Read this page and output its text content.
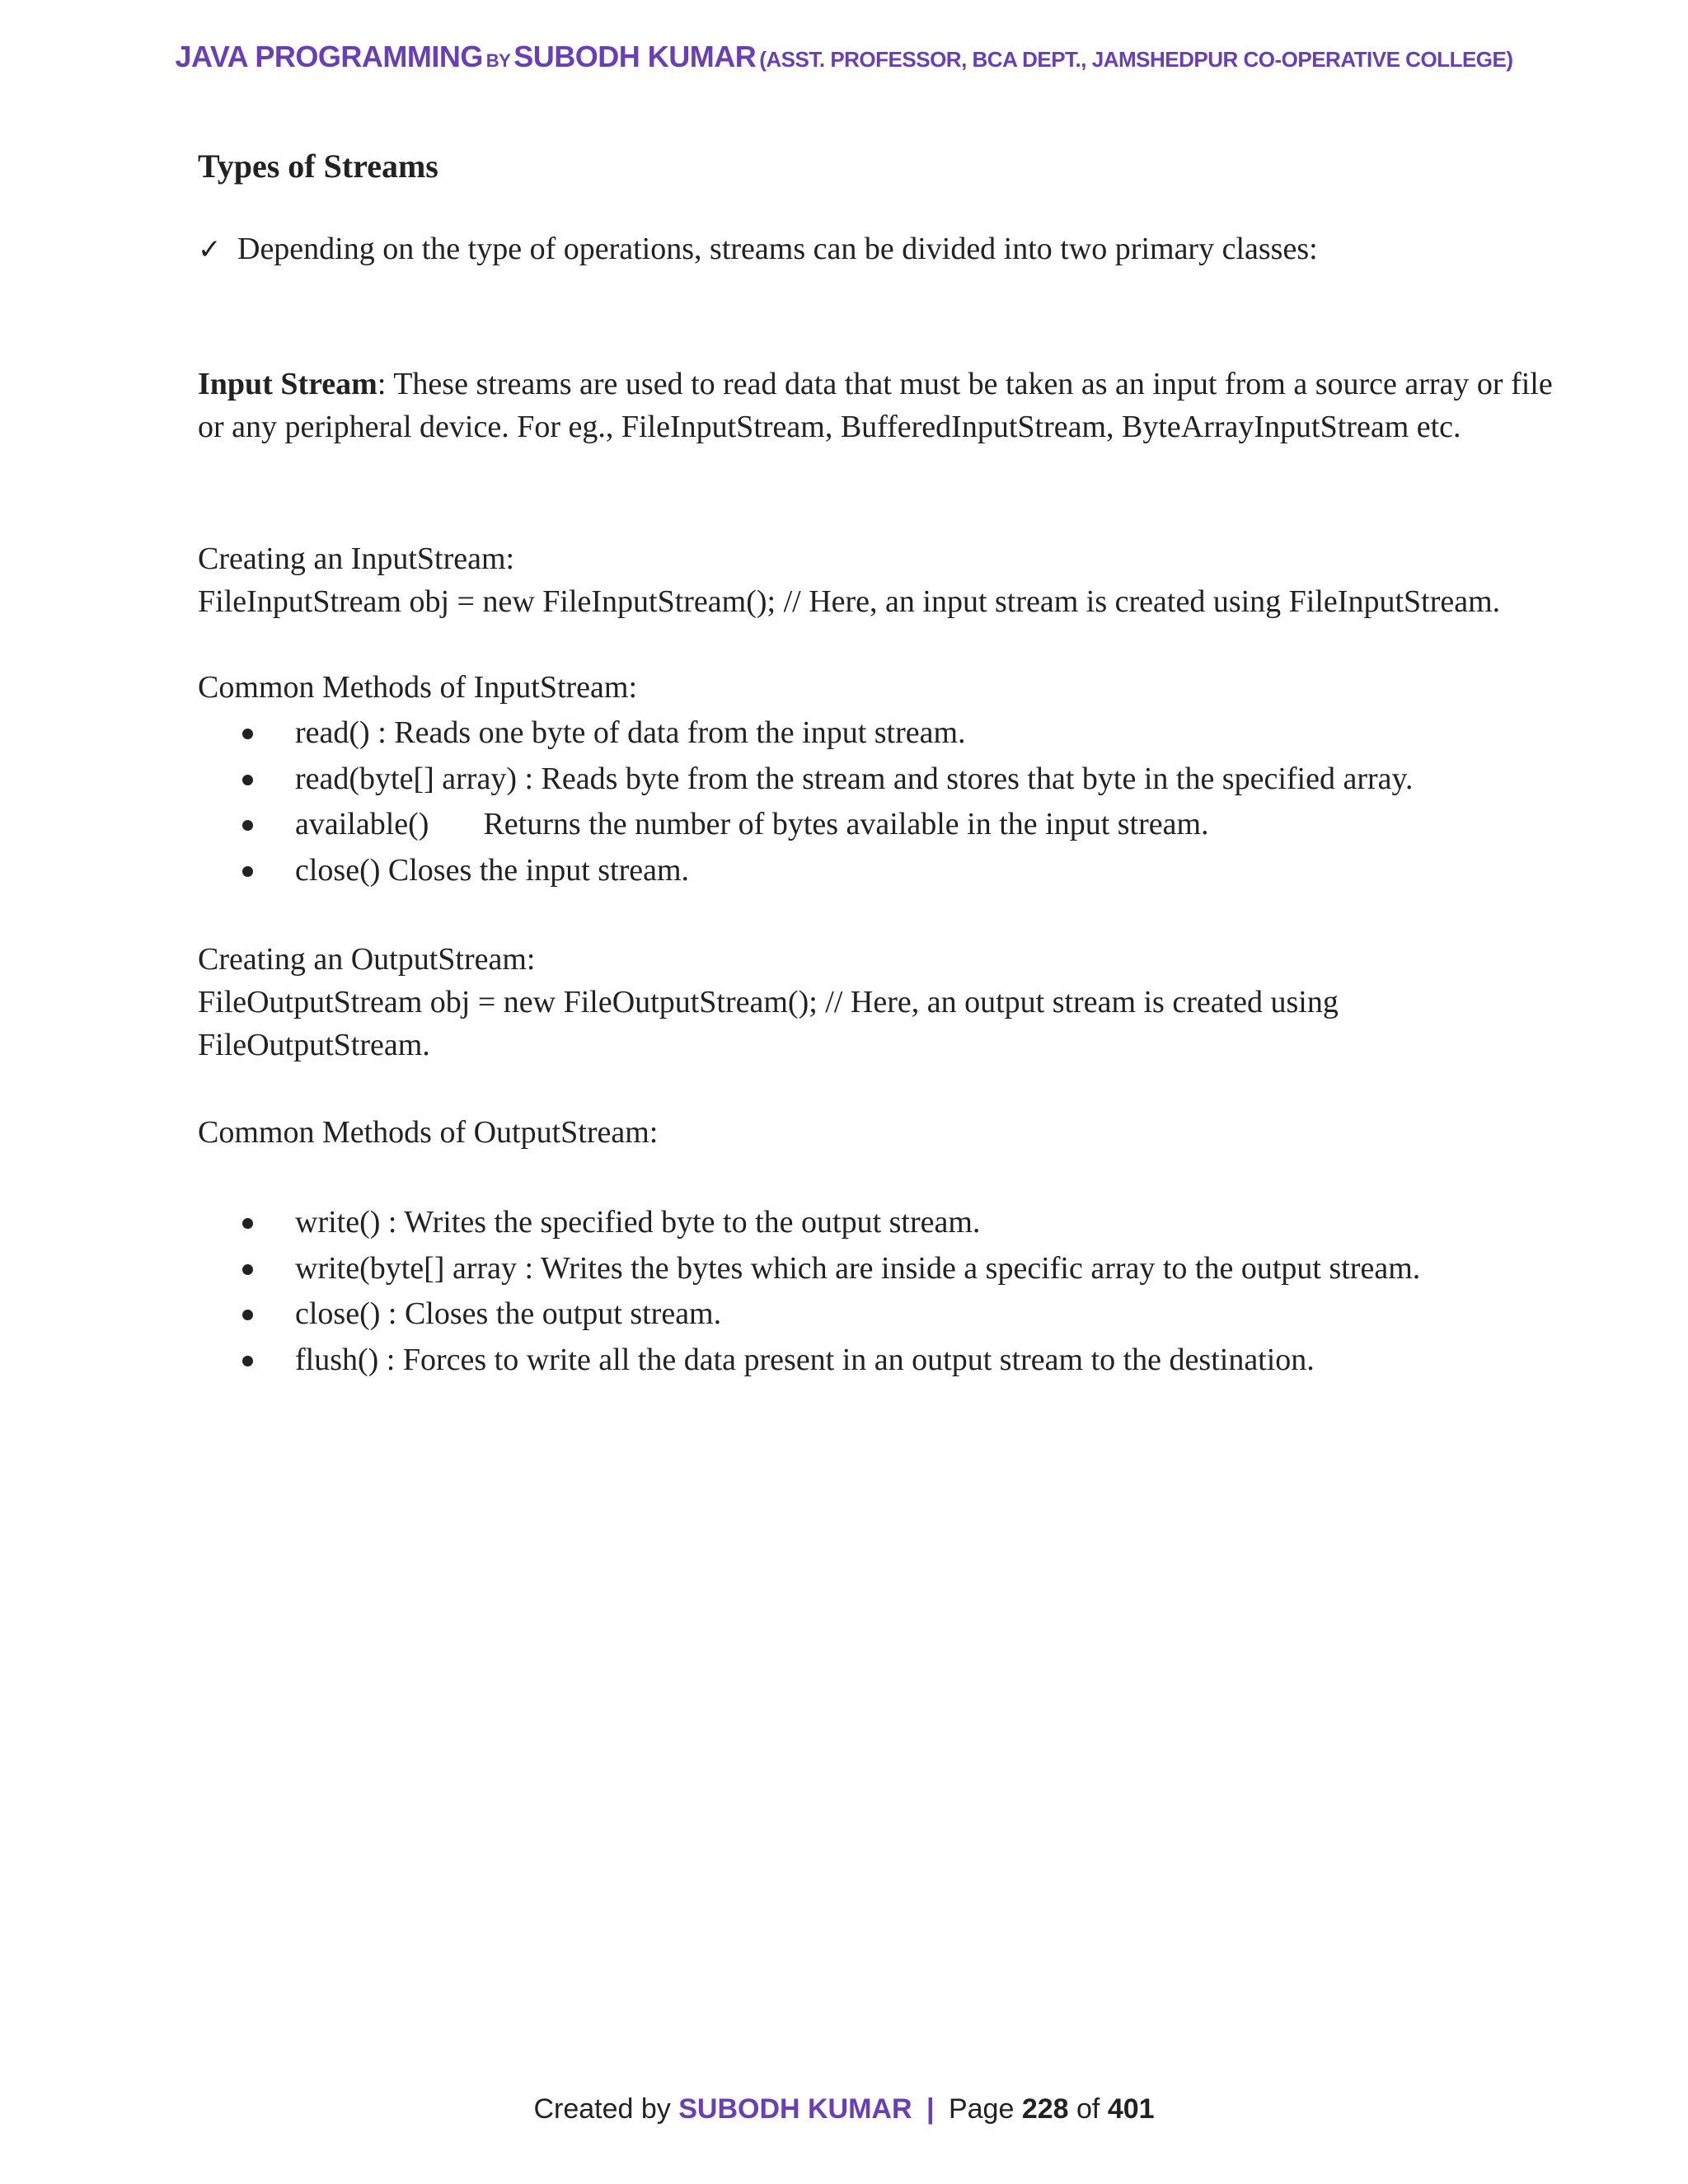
JAVA PROGRAMMING BY SUBODH KUMAR (ASST. PROFESSOR, BCA DEPT., JAMSHEDPUR CO-OPERATIVE COLLEGE)
Types of Streams
✓ Depending on the type of operations, streams can be divided into two primary classes:
Input Stream: These streams are used to read data that must be taken as an input from a source array or file or any peripheral device. For eg., FileInputStream, BufferedInputStream, ByteArrayInputStream etc.
Creating an InputStream:
FileInputStream obj = new FileInputStream(); // Here, an input stream is created using FileInputStream.
Common Methods of InputStream:
read() : Reads one byte of data from the input stream.
read(byte[] array) : Reads byte from the stream and stores that byte in the specified array.
available() Returns the number of bytes available in the input stream.
close() Closes the input stream.
Creating an OutputStream:
FileOutputStream obj = new FileOutputStream(); // Here, an output stream is created using FileOutputStream.
Common Methods of OutputStream:
write() : Writes the specified byte to the output stream.
write(byte[] array : Writes the bytes which are inside a specific array to the output stream.
close() : Closes the output stream.
flush() : Forces to write all the data present in an output stream to the destination.
Created by SUBODH KUMAR | Page 228 of 401
